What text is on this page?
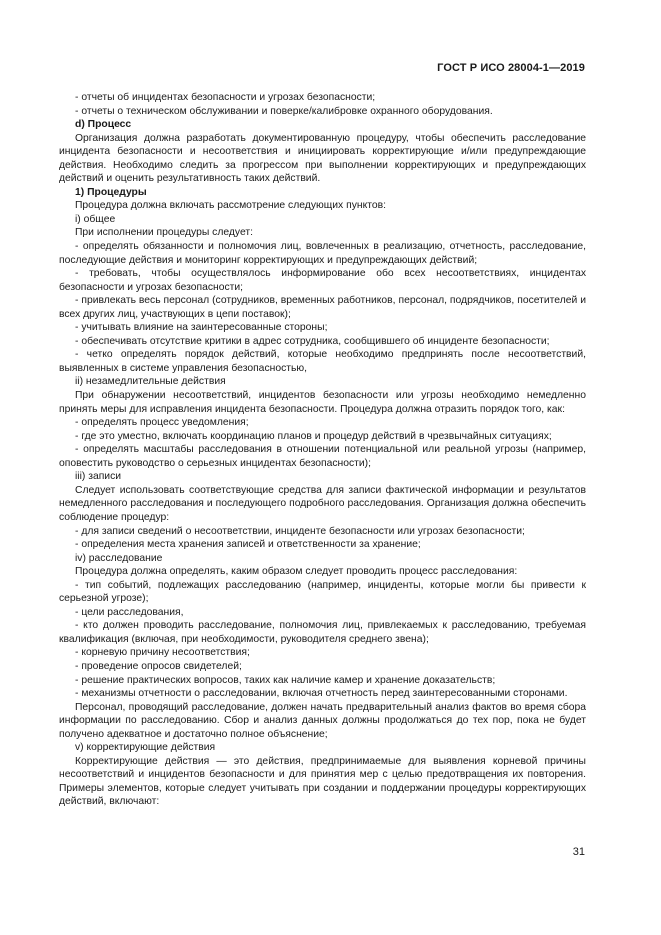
ГОСТ Р ИСО 28004-1—2019

- отчеты об инцидентах безопасности и угрозах безопасности;

- отчеты о техническом обслуживании и поверке/калибровке охранного оборудования.

d) Процесс

Организация должна разработать документированную процедуру, чтобы обеспечить расследование инцидента безопасности и несоответствия и инициировать корректирующие и/или предупреждающие действия. Необходимо следить за прогрессом при выполнении корректирующих и предупреждающих действий и оценить результативность таких действий.

1) Процедуры

Процедура должна включать рассмотрение следующих пунктов:

i) общее

При исполнении процедуры следует:

- определять обязанности и полномочия лиц, вовлеченных в реализацию, отчетность, расследование, последующие действия и мониторинг корректирующих и предупреждающих действий;

- требовать, чтобы осуществлялось информирование обо всех несоответствиях, инцидентах безопасности и угрозах безопасности;

- привлекать весь персонал (сотрудников, временных работников, персонал, подрядчиков, посетителей и всех других лиц, участвующих в цепи поставок);

- учитывать влияние на заинтересованные стороны;

- обеспечивать отсутствие критики в адрес сотрудника, сообщившего об инциденте безопасности;

- четко определять порядок действий, которые необходимо предпринять после несоответствий, выявленных в системе управления безопасностью,

ii) незамедлительные действия

При обнаружении несоответствий, инцидентов безопасности или угрозы необходимо немедленно принять меры для исправления инцидента безопасности. Процедура должна отразить порядок того, как:

- определять процесс уведомления;

- где это уместно, включать координацию планов и процедур действий в чрезвычайных ситуациях;

- определять масштабы расследования в отношении потенциальной или реальной угрозы (например, оповестить руководство о серьезных инцидентах безопасности);

iii) записи

Следует использовать соответствующие средства для записи фактической информации и результатов немедленного расследования и последующего подробного расследования. Организация должна обеспечить соблюдение процедур:

- для записи сведений о несоответствии, инциденте безопасности или угрозах безопасности;

- определения места хранения записей и ответственности за хранение;

iv) расследование

Процедура должна определять, каким образом следует проводить процесс расследования:

- тип событий, подлежащих расследованию (например, инциденты, которые могли бы привести к серьезной угрозе);

- цели расследования,

- кто должен проводить расследование, полномочия лиц, привлекаемых к расследованию, требуемая квалификация (включая, при необходимости, руководителя среднего звена);

- корневую причину несоответствия;

- проведение опросов свидетелей;

- решение практических вопросов, таких как наличие камер и хранение доказательств;

- механизмы отчетности о расследовании, включая отчетность перед заинтересованными сторонами.

Персонал, проводящий расследование, должен начать предварительный анализ фактов во время сбора информации по расследованию. Сбор и анализ данных должны продолжаться до тех пор, пока не будет получено адекватное и достаточно полное объяснение;

v) корректирующие действия

Корректирующие действия — это действия, предпринимаемые для выявления корневой причины несоответствий и инцидентов безопасности и для принятия мер с целью предотвращения их повторения. Примеры элементов, которые следует учитывать при создании и поддержании процедуры корректирующих действий, включают:

31
